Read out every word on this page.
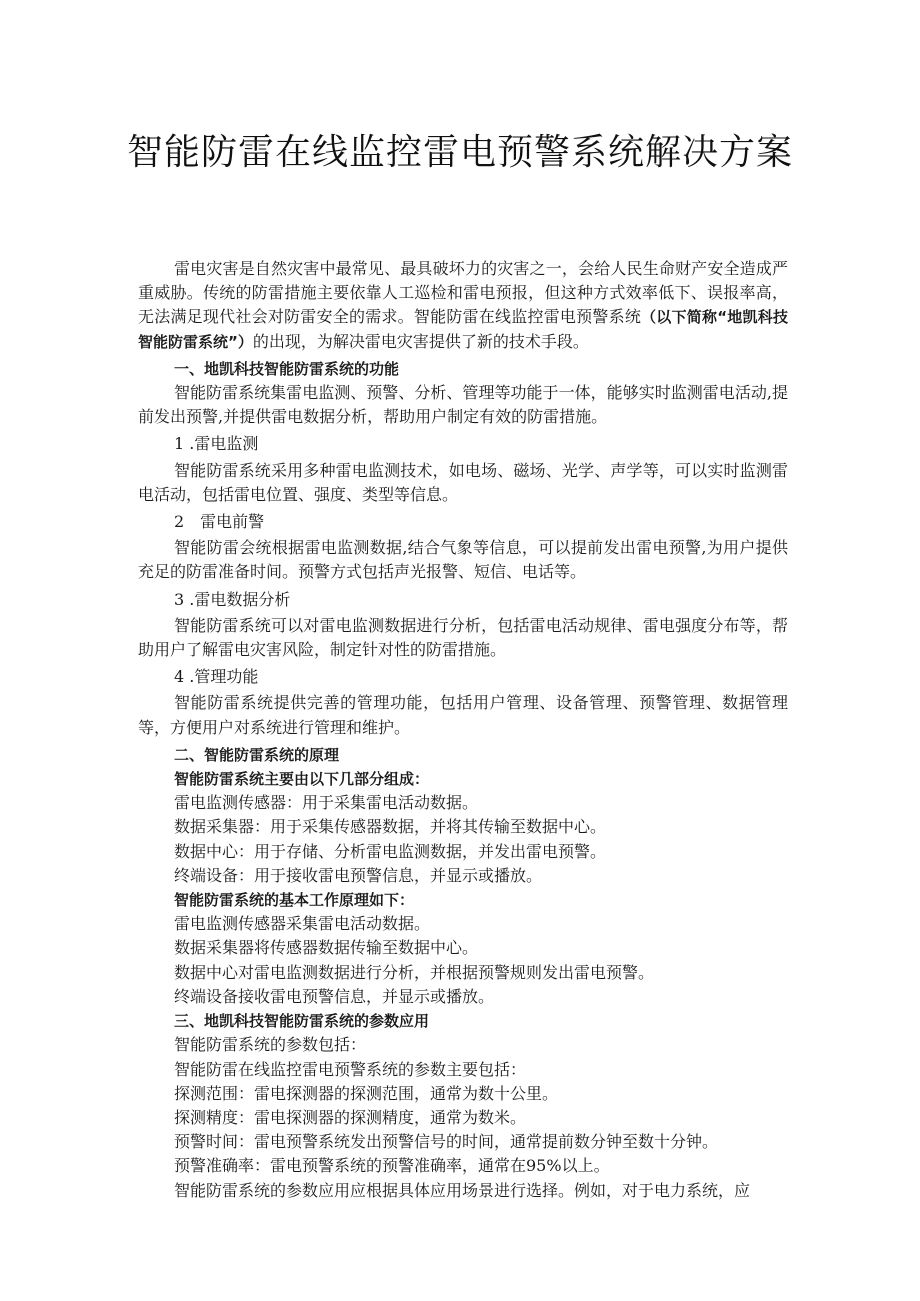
智能防雷在线监控雷电预警系统解决方案

雷电灾害是自然灾害中最常见、最具破坏力的灾害之一，会给人民生命财产安全造成严重威胁。传统的防雷措施主要依靠人工巡检和雷电预报，但这种方式效率低下、误报率高，无法满足现代社会对防雷安全的需求。智能防雷在线监控雷电预警系统（以下简称“地凯科技智能防雷系统”）的出现，为解决雷电灾害提供了新的技术手段。

一、地凯科技智能防雷系统的功能

智能防雷系统集雷电监测、预警、分析、管理等功能于一体，能够实时监测雷电活动,提前发出预警,并提供雷电数据分析，帮助用户制定有效的防雷措施。

1 .雷电监测

智能防雷系统采用多种雷电监测技术，如电场、磁场、光学、声学等，可以实时监测雷电活动，包括雷电位置、强度、类型等信息。

2　雷电前警

智能防雷会统根据雷电监测数据,结合气象等信息，可以提前发出雷电预警,为用户提供充足的防雷准备时间。预警方式包括声光报警、短信、电话等。

3 .雷电数据分析

智能防雷系统可以对雷电监测数据进行分析，包括雷电活动规律、雷电强度分布等，帮助用户了解雷电灾害风险，制定针对性的防雷措施。

4 .管理功能

智能防雷系统提供完善的管理功能，包括用户管理、设备管理、预警管理、数据管理等，方便用户对系统进行管理和维护。

二、智能防雷系统的原理

智能防雷系统主要由以下几部分组成：

雷电监测传感器：用于采集雷电活动数据。

数据采集器：用于采集传感器数据，并将其传输至数据中心。

数据中心：用于存储、分析雷电监测数据，并发出雷电预警。

终端设备：用于接收雷电预警信息，并显示或播放。

智能防雷系统的基本工作原理如下：

雷电监测传感器采集雷电活动数据。

数据采集器将传感器数据传输至数据中心。

数据中心对雷电监测数据进行分析，并根据预警规则发出雷电预警。

终端设备接收雷电预警信息，并显示或播放。

三、地凯科技智能防雷系统的参数应用

智能防雷系统的参数包括：

智能防雷在线监控雷电预警系统的参数主要包括：

探测范围：雷电探测器的探测范围，通常为数十公里。

探测精度：雷电探测器的探测精度，通常为数米。

预警时间：雷电预警系统发出预警信号的时间，通常提前数分钟至数十分钟。

预警准确率：雷电预警系统的预警准确率，通常在95%以上。

智能防雷系统的参数应用应根据具体应用场景进行选择。例如，对于电力系统，应
